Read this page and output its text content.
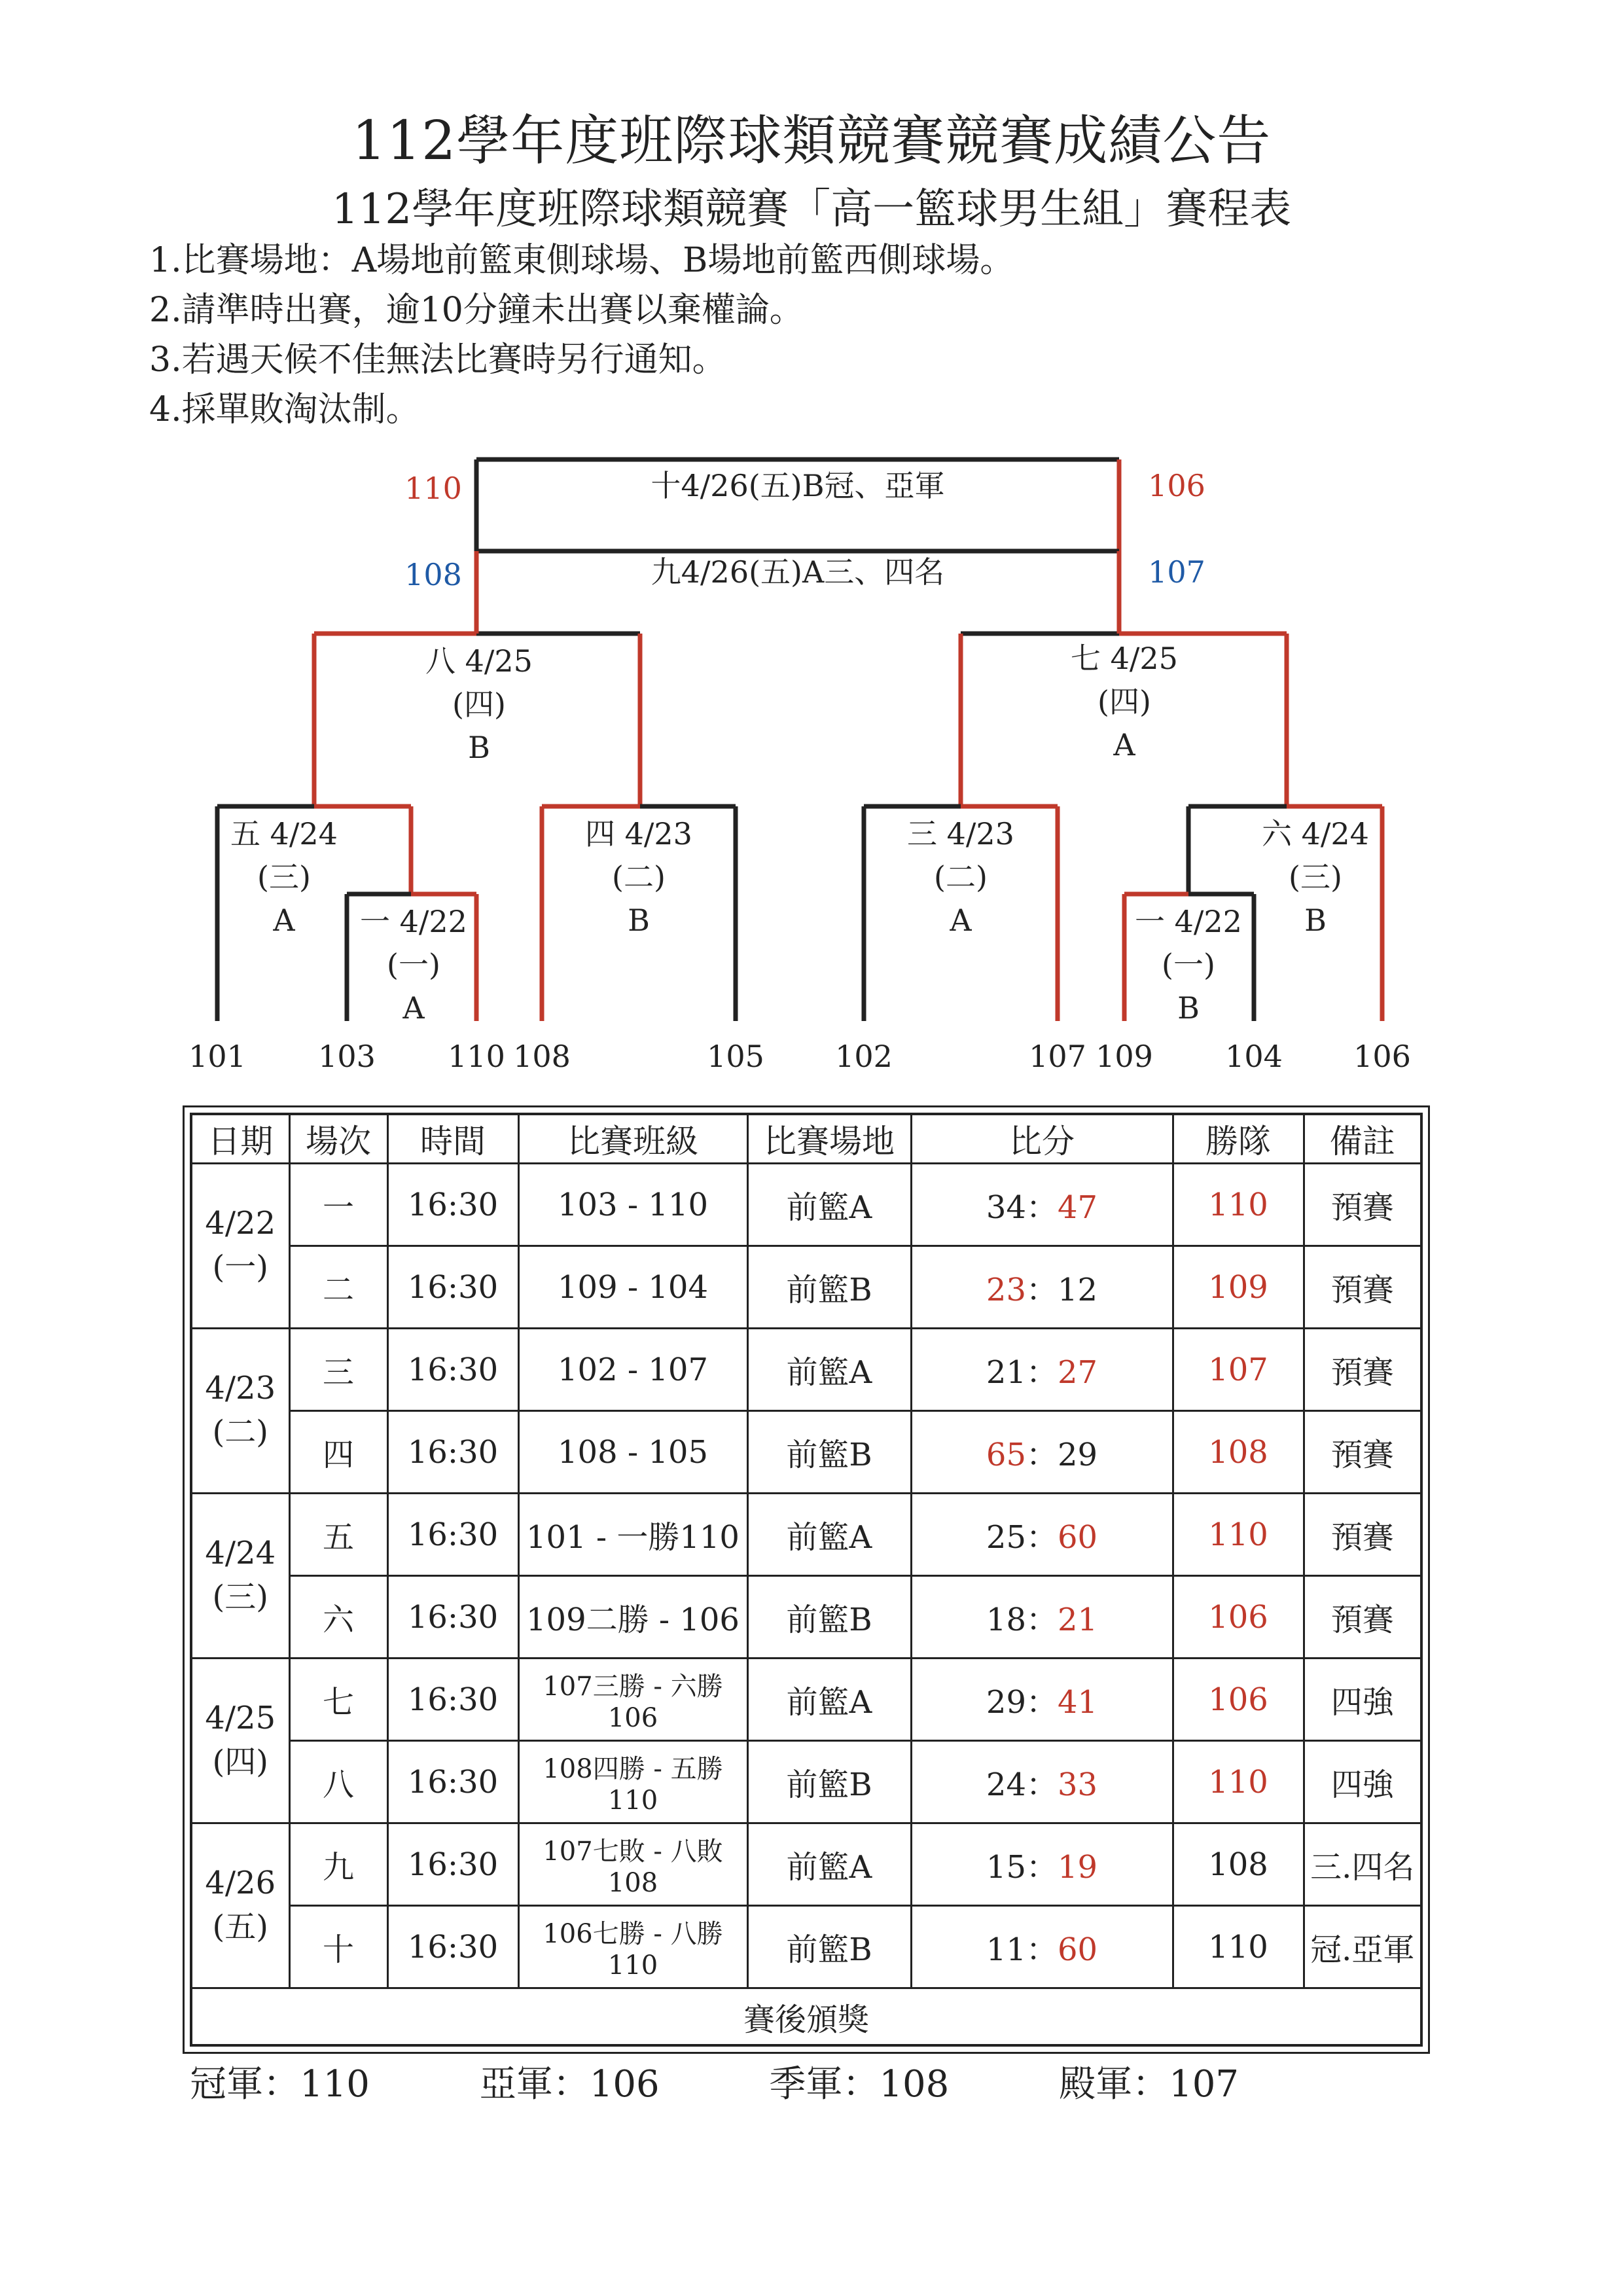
112學年度班際球類競賽競賽成績公告
112學年度班際球類競賽「高一籃球男生組」賽程表
1.比賽場地：A場地前籃東側球場、B場地前籃西側球場。
2.請準時出賽，逾10分鐘未出賽以棄權論。
3.若遇天候不佳無法比賽時另行通知。
4.採單敗淘汰制。
十4/26(五)B冠、亞軍
110	106
九4/26(五)A三、四名
108	107
八 4/25
(四)
B
七 4/25
(四)
A
五 4/24
(三)
A
四 4/23
(二)
B
三 4/23
(二)
A
六 4/24
(三)
B
一 4/22
(一)
A
一 4/22
(一)
B
101 103 110 108	105 102	107 109 104 106
日期	場次	時間	比賽班級	比賽場地	比分	勝隊	備註
4/22
(一)	一	16:30	103 - 110	前籃A	34：47	110	預賽
	二	16:30	109 - 104	前籃B	23：12	109	預賽
4/23
(二)	三	16:30	102 - 107	前籃A	21：27	107	預賽
	四	16:30	108 - 105	前籃B	65：29	108	預賽
4/24
(三)	五	16:30	101 - 一勝110	前籃A	25：60	110	預賽
	六	16:30	109二勝 - 106	前籃B	18：21	106	預賽
4/25
(四)	七	16:30	107三勝 - 六勝106	前籃A	29：41	106	四強
	八	16:30	108四勝 - 五勝110	前籃B	24：33	110	四強
4/26
(五)	九	16:30	107七敗 - 八敗108	前籃A	15：19	108	三.四名
	十	16:30	106七勝 - 八勝110	前籃B	11：60	110	冠.亞軍
賽後頒獎							
冠軍：110	亞軍：106	季軍：108	殿軍：107
